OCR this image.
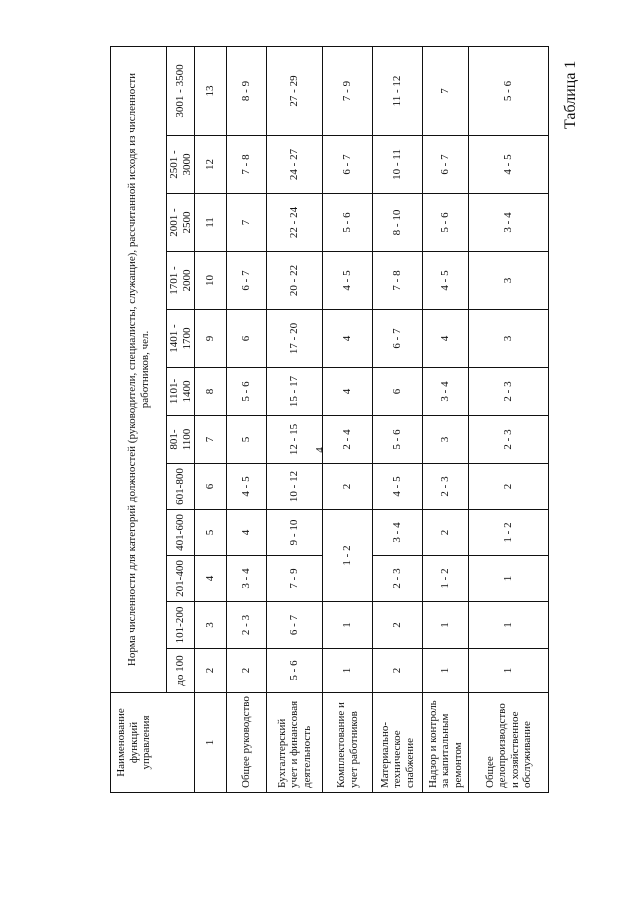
4
Таблица 1
Наименование функций управления	Норма численности для категорий должностей (руководители, специалисты, служащие), рассчитанной исходя из численности работников, чел.											
	до 100	101-200	201-400	401-600	601-800	801-1100	1101-1400	1401 - 1700	1701 - 2000	2001 - 2500	2501 - 3000	3001 - 3500
1	2	3	4	5	6	7	8	9	10	11	12	13
Общее руководство	2	2 - 3	3 - 4	4	4 - 5	5	5 - 6	6	6 - 7	7	7 - 8	8 - 9
Бухгалтерский учет и финансовая деятельность	5 - 6	6 - 7	7 - 9	9 - 10	10 - 12	12 - 15	15 - 17	17 - 20	20 - 22	22 - 24	24 - 27	27 - 29
Комплектование и учет работников	1	1	1 - 2		2	2 - 4	4	4	4 - 5	5 - 6	6 - 7	7 - 9
Материально-техническое снабжение	2	2	2 - 3	3 - 4	4 - 5	5 - 6	6	6 - 7	7 - 8	8 - 10	10 - 11	11 - 12
Надзор и контроль за капитальным ремонтом	1	1	1 - 2	2	2 - 3	3	3 - 4	4	4 - 5	5 - 6	6 - 7	7
Общее делопроизводство и хозяйственное обслуживание	1	1	1	1 - 2	2	2 - 3	2 - 3	3	3	3 - 4	4 - 5	5 - 6
